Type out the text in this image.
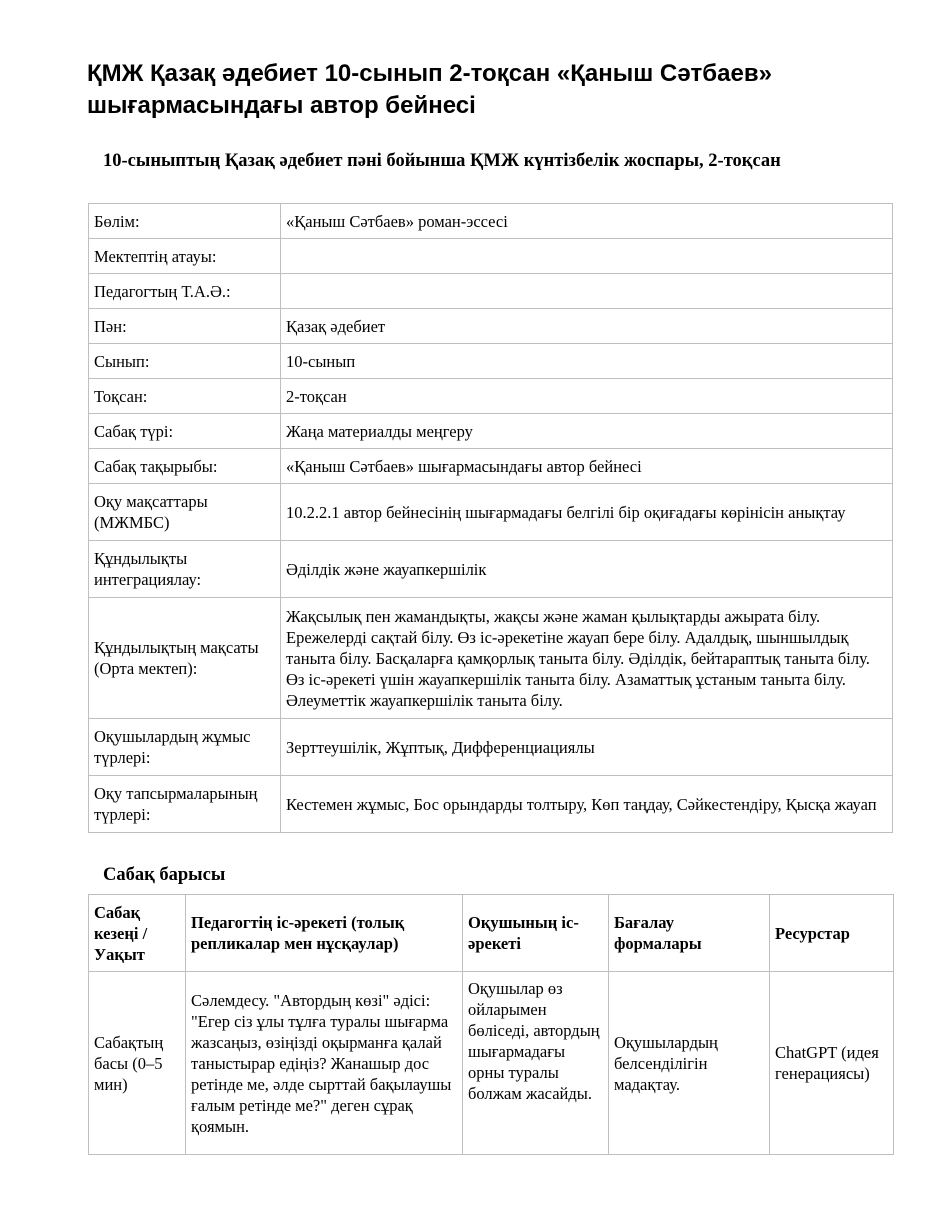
ҚМЖ Қазақ әдебиет 10-сынып 2-тоқсан «Қаныш Сәтбаев» шығармасындағы автор бейнесі
10-сыныптың Қазақ әдебиет пәні бойынша ҚМЖ күнтізбелік жоспары, 2-тоқсан
Бөлім:	«Қаныш Сәтбаев» роман-эссесі
Мектептің атауы:	
Педагогтың Т.А.Ә.:	
Пән:	Қазақ әдебиет
Сынып:	10-сынып
Тоқсан:	2-тоқсан
Сабақ түрі:	Жаңа материалды меңгеру
Сабақ тақырыбы:	«Қаныш Сәтбаев» шығармасындағы автор бейнесі
Оқу мақсаттары (МЖМБС)	10.2.2.1 автор бейнесінің шығармадағы белгілі бір оқиғадағы көрінісін анықтау
Құндылықты интеграциялау:	Әділдік және жауапкершілік
Құндылықтың мақсаты (Орта мектеп):	Жақсылық пен жамандықты, жақсы және жаман қылықтарды ажырата білу. Ережелерді сақтай білу. Өз іс-әрекетіне жауап бере білу. Адалдық, шыншылдық таныта білу. Басқаларға қамқорлық таныта білу. Әділдік, бейтараптық таныта білу. Өз іс-әрекеті үшін жауапкершілік таныта білу. Азаматтық ұстаным таныта білу. Әлеуметтік жауапкершілік таныта білу.
Оқушылардың жұмыс түрлері:	Зерттеушілік, Жұптық, Дифференциациялы
Оқу тапсырмаларының түрлері:	Кестемен жұмыс, Бос орындарды толтыру, Көп таңдау, Сәйкестендіру, Қысқа жауап
Сабақ барысы
Сабақ кезеңі / Уақыт	Педагогтің іс-әрекеті (толық репликалар мен нұсқаулар)	Оқушының іс-әрекеті	Бағалау формалары	Ресурстар
Сабақтың басы (0–5 мин)	Сәлемдесу. "Автордың көзі" әдісі: "Егер сіз ұлы тұлға туралы шығарма жазсаңыз, өзіңізді оқырманға қалай таныстырар едіңіз? Жанашыр дос ретінде ме, әлде сырттай бақылаушы ғалым ретінде ме?" деген сұрақ қоямын.	Оқушылар өз ойларымен бөліседі, автордың шығармадағы орны туралы болжам жасайды.	Оқушылардың белсенділігін мадақтау.	ChatGPT (идея генерациясы)
